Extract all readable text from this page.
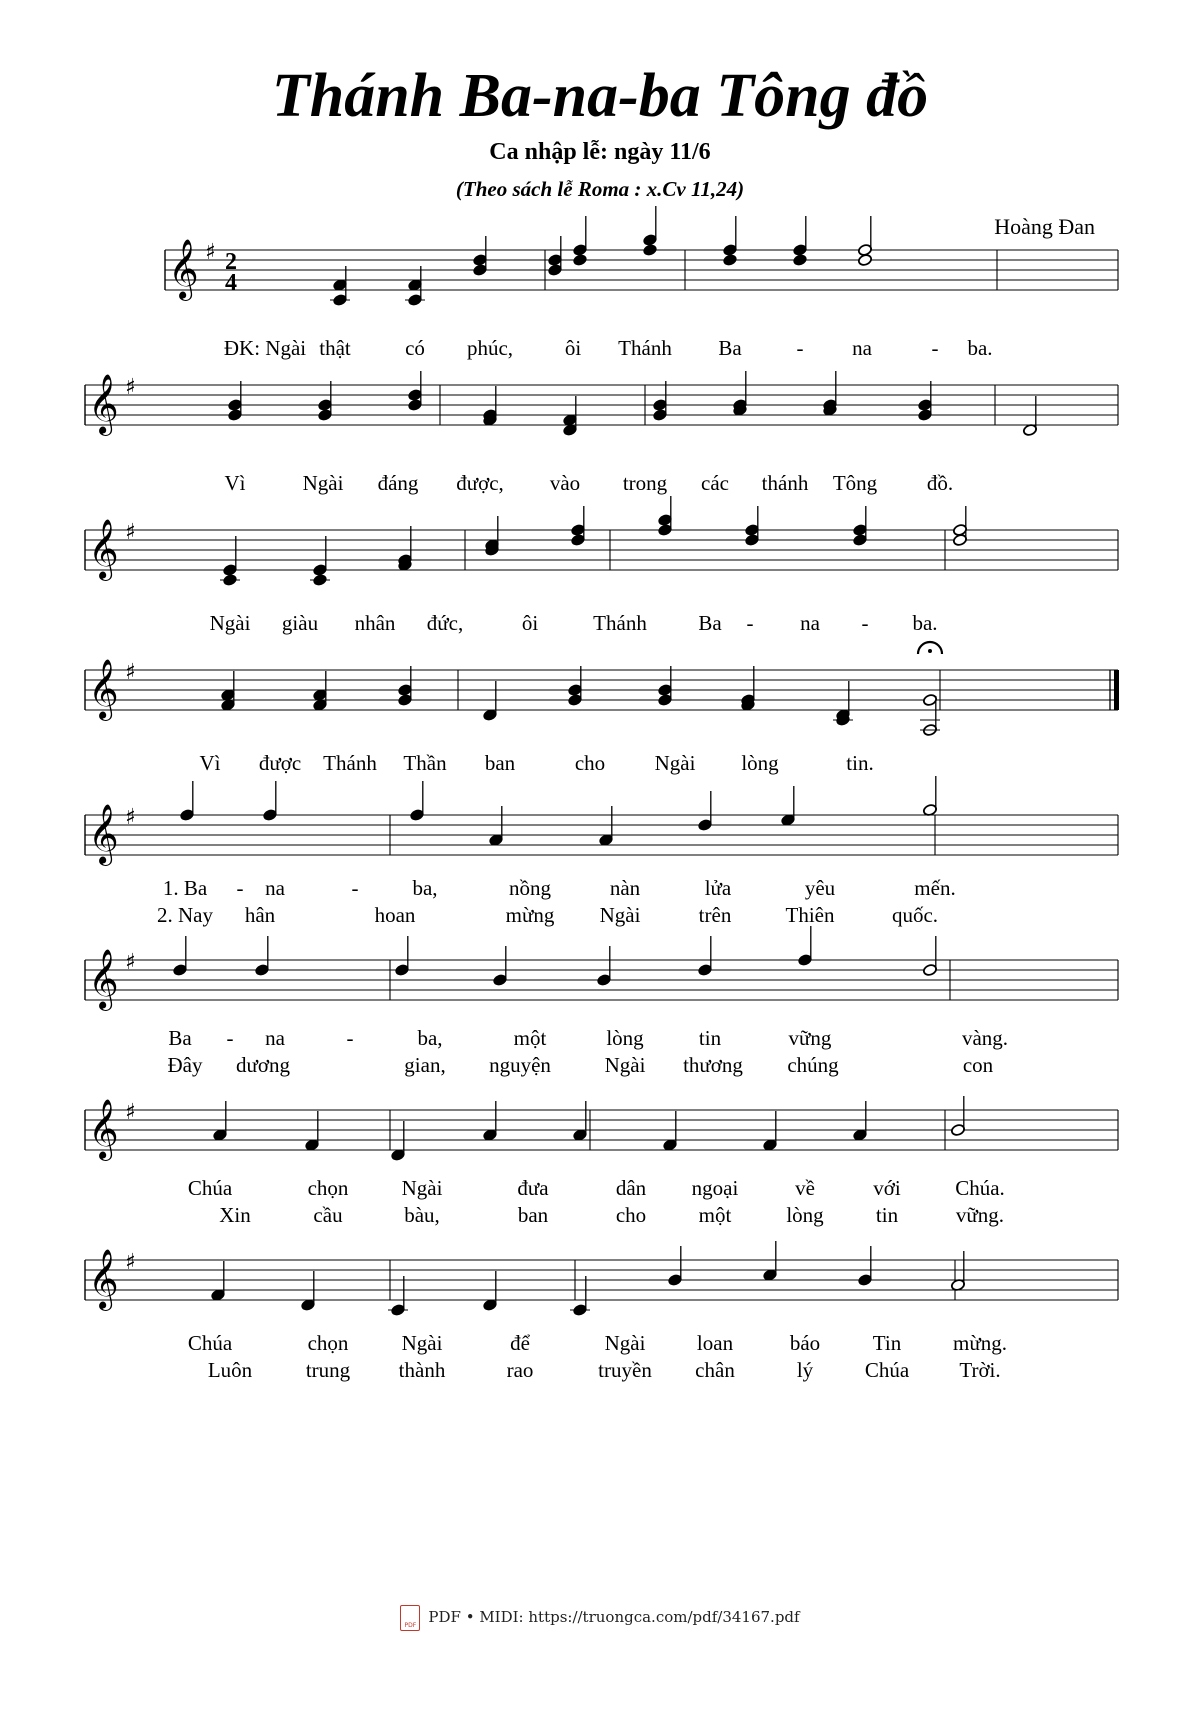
Thánh Ba-na-ba Tông đồ
Ca nhập lễ: ngày 11/6
(Theo sách lễ Roma : x.Cv 11,24)
Hoàng Đan
𝄞 ♯ 2
4
ĐK: Ngài thật	có phúc, ôi Thánh Ba	- na	- ba.
𝄞 ♯
Vì	Ngài đáng được, vào trong các thánh Tông đồ.
𝄞 ♯
Ngài giàu nhân đức,	ôi	Thánh Ba - na - ba.
𝄞 ♯
Vì được Thánh Thần ban	cho Ngài lòng	tin.
𝄞 ♯
1. Ba - na	-	ba,	nồng	nàn	lửa	yêu	mến.
2. Nay hân	hoan	mừng Ngài	trên	Thiên	quốc.
𝄞 ♯
Ba - na	-	ba,	một	lòng	tin	vững	vàng.
Đây dương	gian, nguyện	Ngài thương chúng	con
𝄞 ♯
Chúa	chọn	Ngài	đưa	dân ngoại	về	với	Chúa.
Xin	cầu	bàu,	ban	cho	một	lòng tin	vững.
𝄞 ♯
Chúa	chọn	Ngài	để	Ngài loan	báo	Tin mừng.
Luôn	trung thành	rao	truyền chân	lý Chúa Trời.
PDFPDF • MIDI: https://truongca.com/pdf/34167.pdf
